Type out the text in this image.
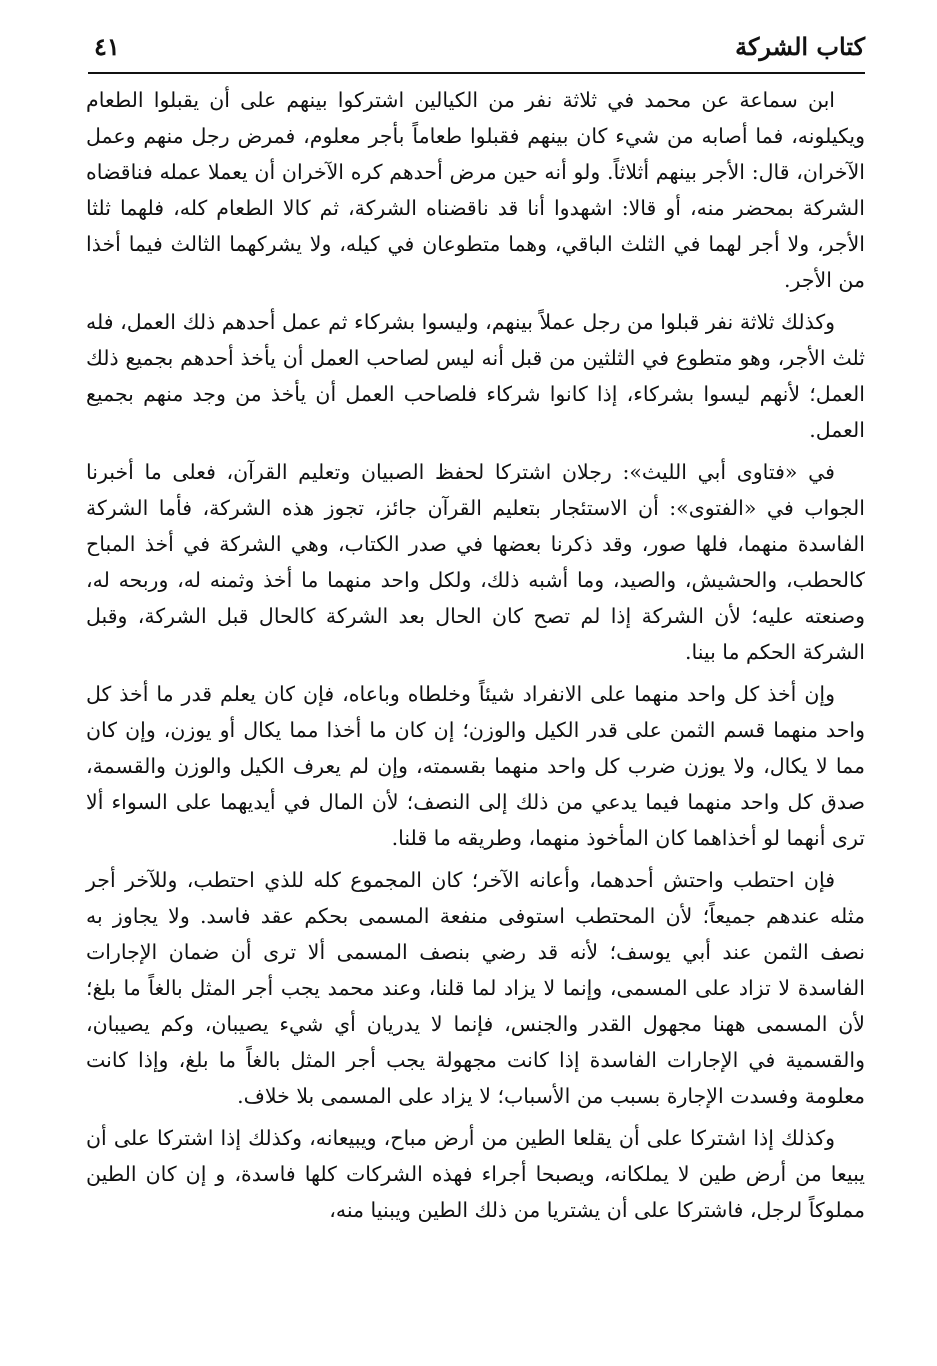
كتاب الشركة
٤١

ابن سماعة عن محمد في ثلاثة نفر من الكيالين اشتركوا بينهم على أن يقبلوا الطعام ويكيلونه، فما أصابه من شيء كان بينهم فقبلوا طعاماً بأجر معلوم، فمرض رجل منهم وعمل الآخران، قال: الأجر بينهم أثلاثاً. ولو أنه حين مرض أحدهم كره الآخران أن يعملا عمله فناقضاه الشركة بمحضر منه، أو قالا: اشهدوا أنا قد ناقضناه الشركة، ثم كالا الطعام كله، فلهما ثلثا الأجر، ولا أجر لهما في الثلث الباقي، وهما متطوعان في كيله، ولا يشركهما الثالث فيما أخذا من الأجر.

وكذلك ثلاثة نفر قبلوا من رجل عملاً بينهم، وليسوا بشركاء ثم عمل أحدهم ذلك العمل، فله ثلث الأجر، وهو متطوع في الثلثين من قبل أنه ليس لصاحب العمل أن يأخذ أحدهم بجميع ذلك العمل؛ لأنهم ليسوا بشركاء، إذا كانوا شركاء فلصاحب العمل أن يأخذ من وجد منهم بجميع العمل.

في «فتاوى أبي الليث»: رجلان اشتركا لحفظ الصبيان وتعليم القرآن، فعلى ما أخبرنا الجواب في «الفتوى»: أن الاستئجار بتعليم القرآن جائز، تجوز هذه الشركة، فأما الشركة الفاسدة منهما، فلها صور، وقد ذكرنا بعضها في صدر الكتاب، وهي الشركة في أخذ المباح كالحطب، والحشيش، والصيد، وما أشبه ذلك، ولكل واحد منهما ما أخذ وثمنه له، وربحه له، وصنعته عليه؛ لأن الشركة إذا لم تصح كان الحال بعد الشركة كالحال قبل الشركة، وقبل الشركة الحكم ما بينا.

وإن أخذ كل واحد منهما على الانفراد شيئاً وخلطاه وباعاه، فإن كان يعلم قدر ما أخذ كل واحد منهما قسم الثمن على قدر الكيل والوزن؛ إن كان ما أخذا مما يكال أو يوزن، وإن كان مما لا يكال، ولا يوزن ضرب كل واحد منهما بقسمته، وإن لم يعرف الكيل والوزن والقسمة، صدق كل واحد منهما فيما يدعي من ذلك إلى النصف؛ لأن المال في أيديهما على السواء ألا ترى أنهما لو أخذاهما كان المأخوذ منهما، وطريقه ما قلنا.

فإن احتطب واحتش أحدهما، وأعانه الآخر؛ كان المجموع كله للذي احتطب، وللآخر أجر مثله عندهم جميعاً؛ لأن المحتطب استوفى منفعة المسمى بحكم عقد فاسد. ولا يجاوز به نصف الثمن عند أبي يوسف؛ لأنه قد رضي بنصف المسمى ألا ترى أن ضمان الإجارات الفاسدة لا تزاد على المسمى، وإنما لا يزاد لما قلنا، وعند محمد يجب أجر المثل بالغاً ما بلغ؛ لأن المسمى ههنا مجهول القدر والجنس، فإنما لا يدريان أي شيء يصيبان، وكم يصيبان، والقسمية في الإجارات الفاسدة إذا كانت مجهولة يجب أجر المثل بالغاً ما بلغ، وإذا كانت معلومة وفسدت الإجارة بسبب من الأسباب؛ لا يزاد على المسمى بلا خلاف.

وكذلك إذا اشتركا على أن يقلعا الطين من أرض مباح، ويبيعانه، وكذلك إذا اشتركا على أن يبيعا من أرض طين لا يملكانه، ويصبحا أجراء فهذه الشركات كلها فاسدة، و إن كان الطين مملوكاً لرجل، فاشتركا على أن يشتريا من ذلك الطين ويبنيا منه،
